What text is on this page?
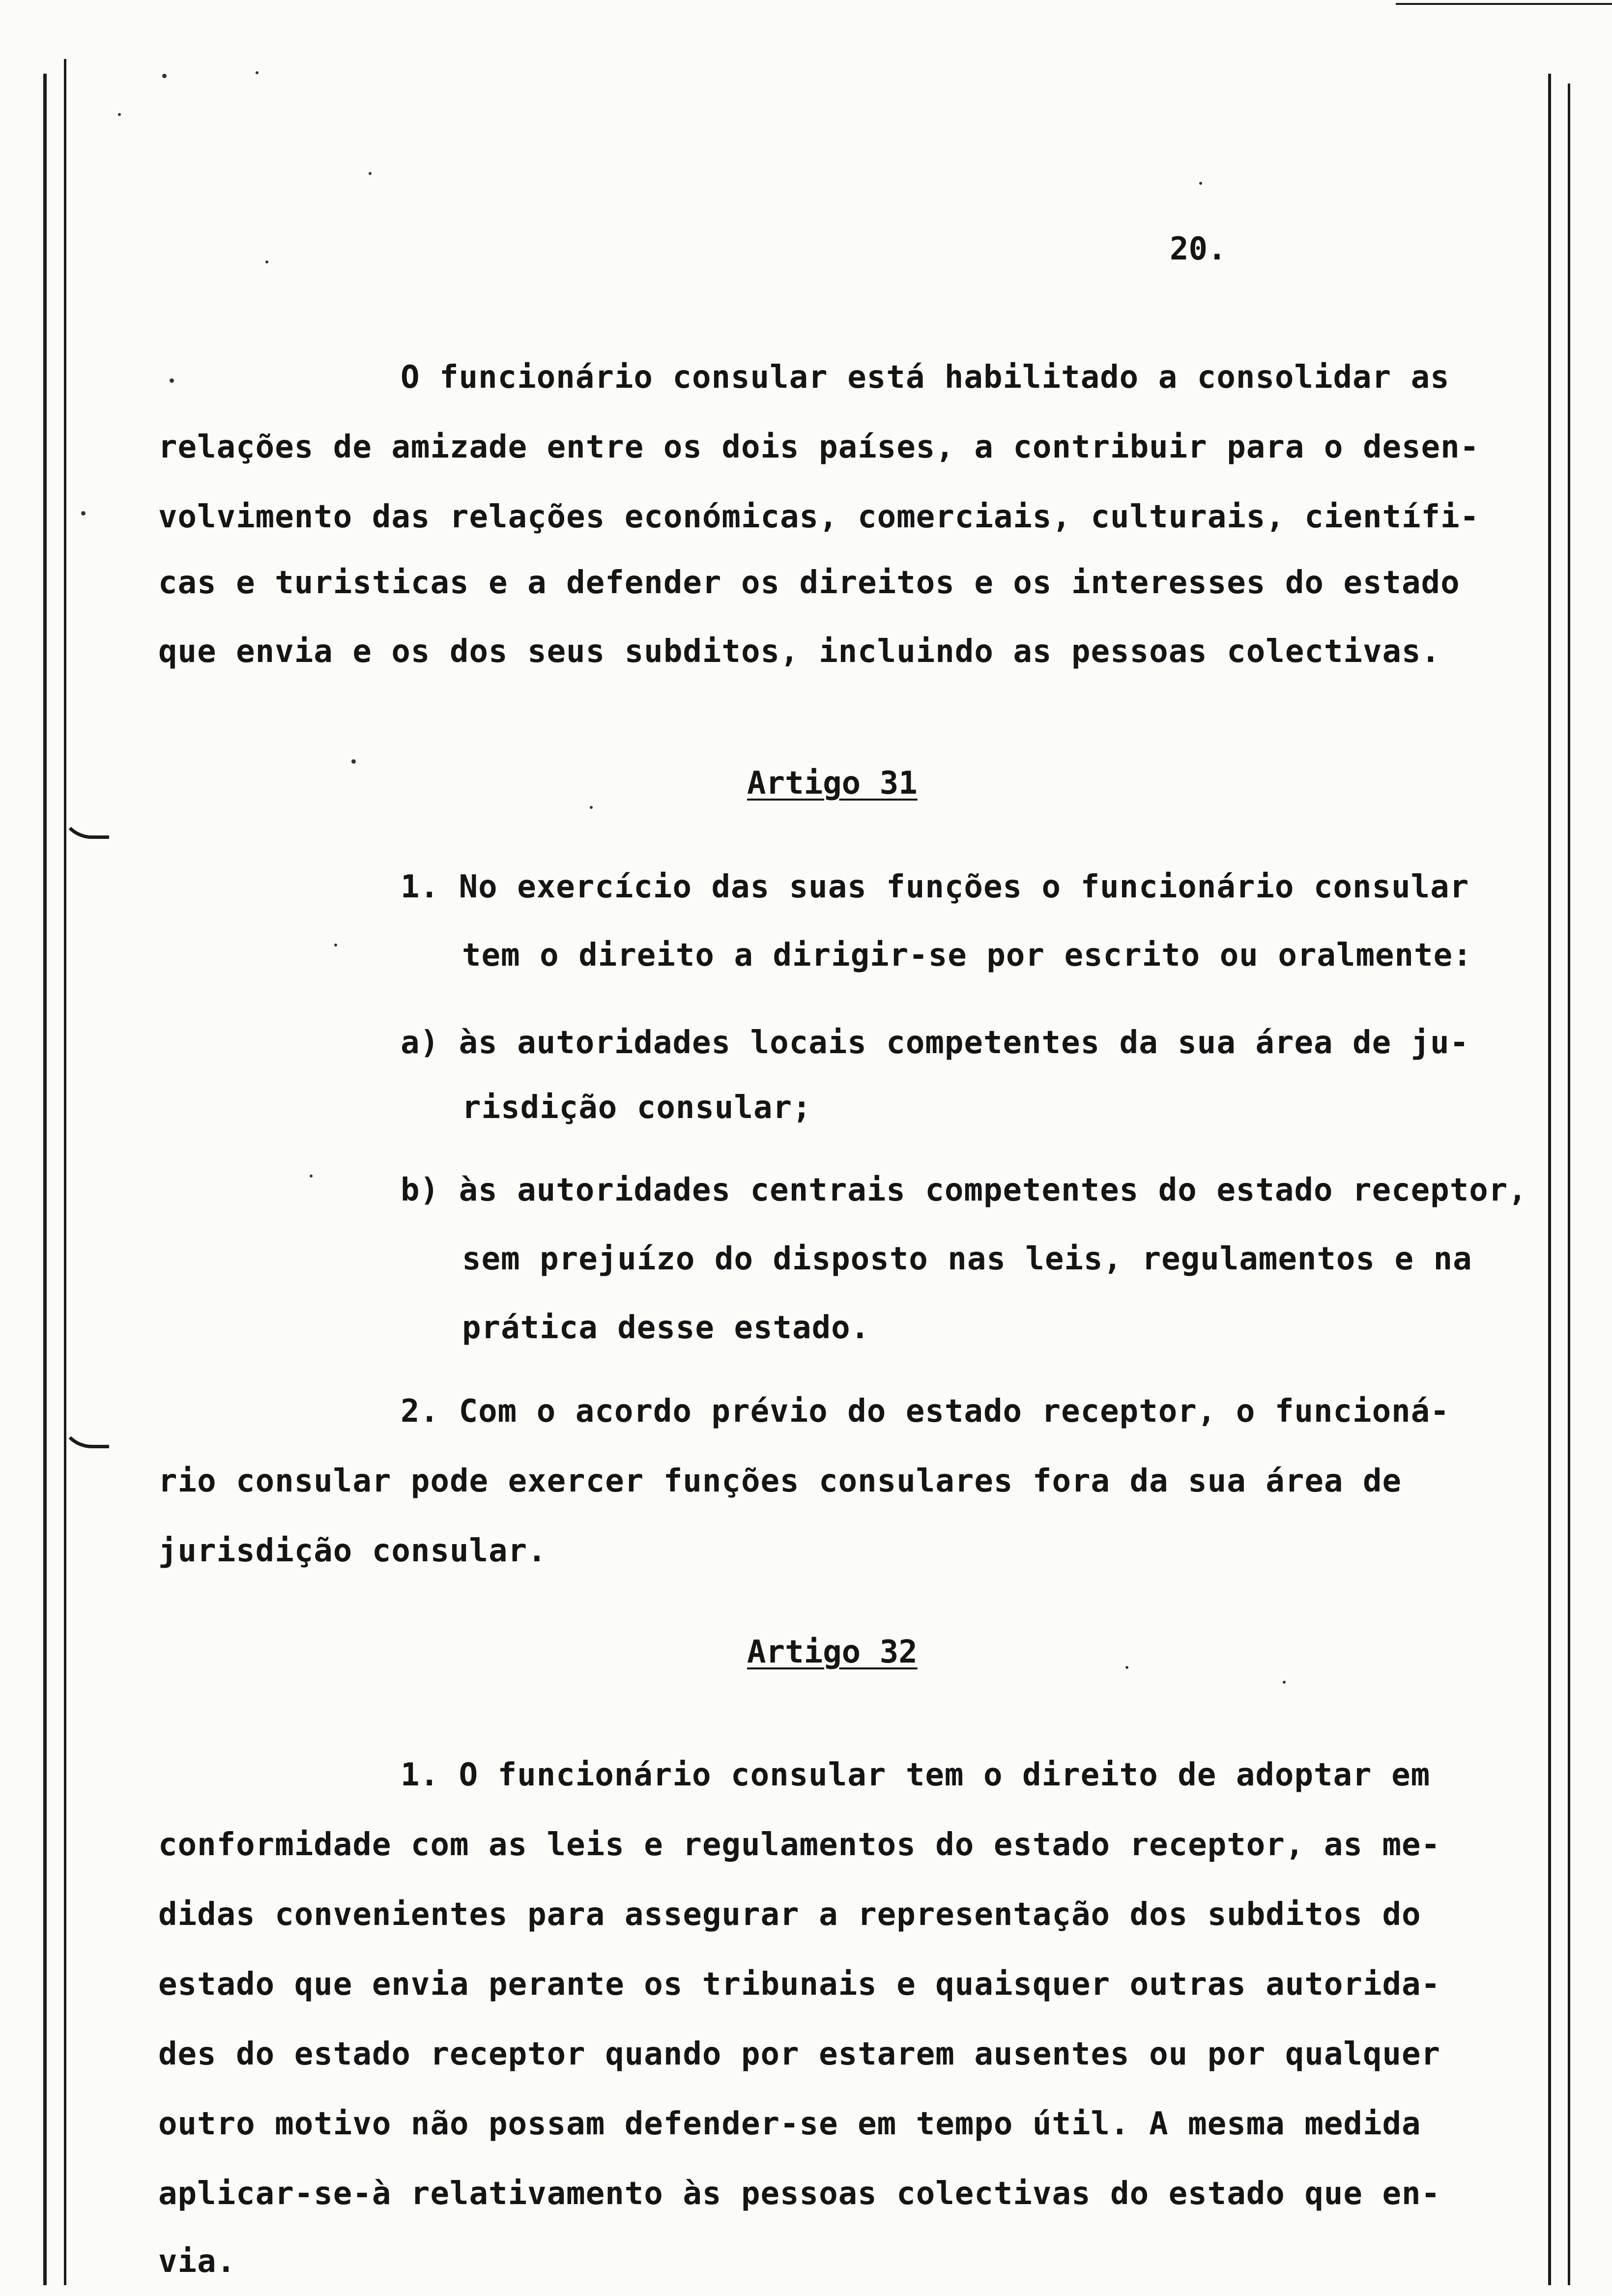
20.

O funcionário consular está habilitado a consolidar as

relações de amizade entre os dois países, a contribuir para o desen-

volvimento das relações económicas, comerciais, culturais, científi-

cas e turisticas e a defender os direitos e os interesses do estado

que envia e os dos seus subditos, incluindo as pessoas colectivas.

Artigo 31

1. No exercício das suas funções o funcionário consular

tem o direito a dirigir-se por escrito ou oralmente:

a) às autoridades locais competentes da sua área de ju-

risdição consular;

b) às autoridades centrais competentes do estado receptor,

sem prejuízo do disposto nas leis, regulamentos e na

prática desse estado.

2. Com o acordo prévio do estado receptor, o funcioná-

rio consular pode exercer funções consulares fora da sua área de

jurisdição consular.

Artigo 32

1. O funcionário consular tem o direito de adoptar em

conformidade com as leis e regulamentos do estado receptor, as me-

didas convenientes para assegurar a representação dos subditos do

estado que envia perante os tribunais e quaisquer outras autorida-

des do estado receptor quando por estarem ausentes ou por qualquer

outro motivo não possam defender-se em tempo útil. A mesma medida

aplicar-se-à relativamento às pessoas colectivas do estado que en-

via.
